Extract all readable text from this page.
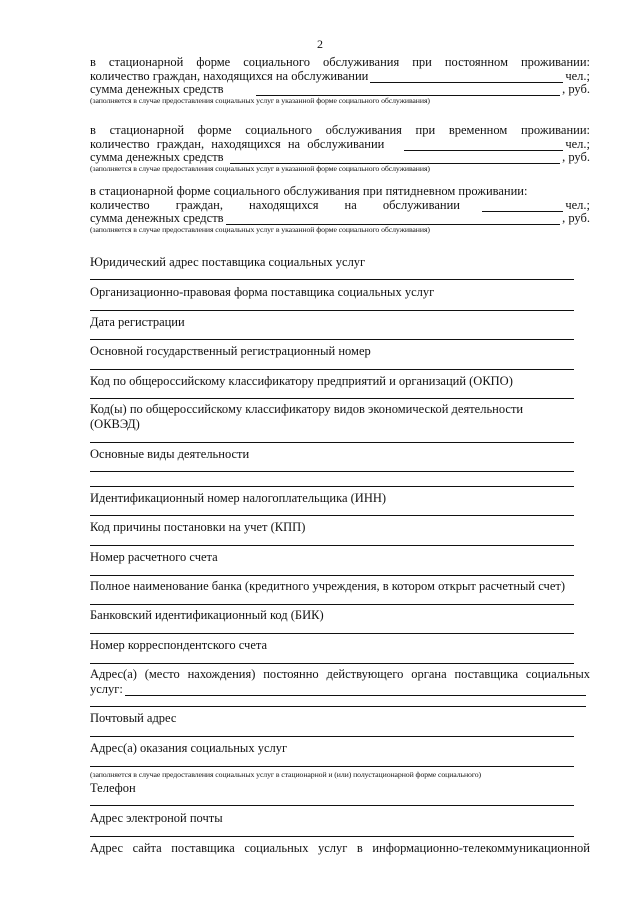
2
в стационарной форме социального обслуживания при постоянном проживании:
количество граждан, находящихся на обслуживании	чел.;
сумма денежных средств	, руб.
(заполняется в случае предоставления социальных услуг в указанной форме социального обслуживания)
в стационарной форме социального обслуживания при временном проживании:
количество граждан, находящихся на обслуживании	чел.;
сумма денежных средств	, руб.
(заполняется в случае предоставления социальных услуг в указанной форме социального обслуживания)
в стационарной форме социального обслуживания при пятидневном проживании:
количество граждан, находящихся на обслуживании	чел.;
сумма денежных средств	, руб.
(заполняется в случае предоставления социальных услуг в указанной форме социального обслуживания)
Юридический адрес поставщика социальных услуг
Организационно-правовая форма поставщика социальных услуг
Дата регистрации
Основной государственный регистрационный номер
Код по общероссийскому классификатору предприятий и организаций (ОКПО)
Код(ы) по общероссийскому классификатору видов экономической деятельности
(ОКВЭД)
Основные виды деятельности
Идентификационный номер налогоплательщика (ИНН)
Код причины постановки на учет (КПП)
Номер расчетного счета
Полное наименование банка (кредитного учреждения, в котором открыт расчетный счет)
Банковский идентификационный код (БИК)
Номер корреспондентского счета
Адрес(а) (место нахождения) постоянно действующего органа поставщика социальных
услуг:
Почтовый адрес
Адрес(а) оказания социальных услуг
(заполняется в случае предоставления социальных услуг в стационарной и (или) полустационарной форме социального)
Телефон
Адрес электроной почты
Адрес сайта поставщика социальных услуг в информационно-телекоммуникационной
